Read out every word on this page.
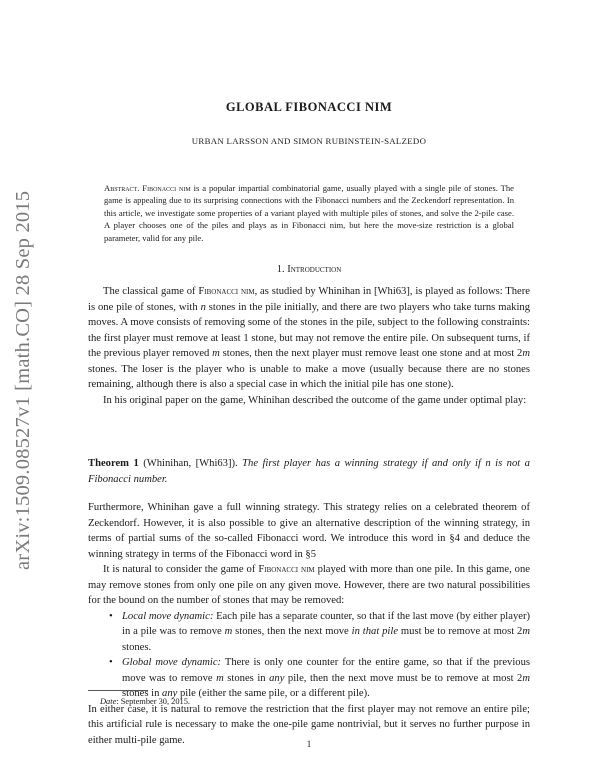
arXiv:1509.08527v1 [math.CO] 28 Sep 2015
GLOBAL FIBONACCI NIM
URBAN LARSSON AND SIMON RUBINSTEIN-SALZEDO
Abstract. Fibonacci nim is a popular impartial combinatorial game, usually played with a single pile of stones. The game is appealing due to its surprising connections with the Fibonacci numbers and the Zeckendorf representation. In this article, we investigate some properties of a variant played with multiple piles of stones, and solve the 2-pile case. A player chooses one of the piles and plays as in Fibonacci nim, but here the move-size restriction is a global parameter, valid for any pile.
1. Introduction

The classical game of Fibonacci nim, as studied by Whinihan in [Whi63], is played as follows: There is one pile of stones, with n stones in the pile initially, and there are two players who take turns making moves. A move consists of removing some of the stones in the pile, subject to the following constraints: the first player must remove at least 1 stone, but may not remove the entire pile. On subsequent turns, if the previous player removed m stones, then the next player must remove least one stone and at most 2m stones. The loser is the player who is unable to make a move (usually because there are no stones remaining, although there is also a special case in which the initial pile has one stone).

In his original paper on the game, Whinihan described the outcome of the game under optimal play:

Theorem 1 (Whinihan, [Whi63]). The first player has a winning strategy if and only if n is not a Fibonacci number.

Furthermore, Whinihan gave a full winning strategy. This strategy relies on a celebrated theorem of Zeckendorf. However, it is also possible to give an alternative description of the winning strategy, in terms of partial sums of the so-called Fibonacci word. We introduce this word in §4 and deduce the winning strategy in terms of the Fibonacci word in §5

It is natural to consider the game of Fibonacci nim played with more than one pile. In this game, one may remove stones from only one pile on any given move. However, there are two natural possibilities for the bound on the number of stones that may be removed:

• Local move dynamic: Each pile has a separate counter, so that if the last move (by either player) in a pile was to remove m stones, then the next move in that pile must be to remove at most 2m stones.
• Global move dynamic: There is only one counter for the entire game, so that if the previous move was to remove m stones in any pile, then the next move must be to remove at most 2m stones in any pile (either the same pile, or a different pile).

In either case, it is natural to remove the restriction that the first player may not remove an entire pile; this artificial rule is necessary to make the one-pile game nontrivial, but it serves no further purpose in either multi-pile game.

Date: September 30, 2015.
1
